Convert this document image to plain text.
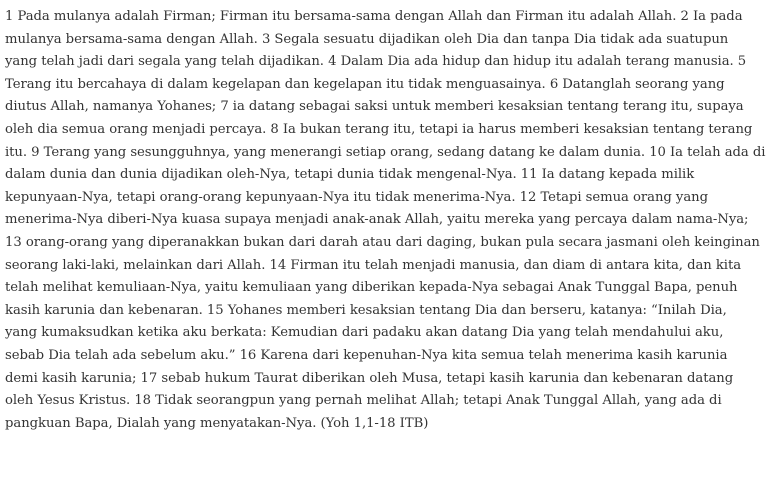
1 Pada mulanya adalah Firman; Firman itu bersama-sama dengan Allah dan Firman itu adalah Allah. 2 Ia pada
mulanya bersama-sama dengan Allah. 3 Segala sesuatu dijadikan oleh Dia dan tanpa Dia tidak ada suatupun
yang telah jadi dari segala yang telah dijadikan. 4 Dalam Dia ada hidup dan hidup itu adalah terang manusia. 5
Terang itu bercahaya di dalam kegelapan dan kegelapan itu tidak menguasainya. 6 Datanglah seorang yang
diutus Allah, namanya Yohanes; 7 ia datang sebagai saksi untuk memberi kesaksian tentang terang itu, supaya
oleh dia semua orang menjadi percaya. 8 Ia bukan terang itu, tetapi ia harus memberi kesaksian tentang terang
itu. 9 Terang yang sesungguhnya, yang menerangi setiap orang, sedang datang ke dalam dunia. 10 Ia telah ada di
dalam dunia dan dunia dijadikan oleh-Nya, tetapi dunia tidak mengenal-Nya. 11 Ia datang kepada milik
kepunyaan-Nya, tetapi orang-orang kepunyaan-Nya itu tidak menerima-Nya. 12 Tetapi semua orang yang
menerima-Nya diberi-Nya kuasa supaya menjadi anak-anak Allah, yaitu mereka yang percaya dalam nama-Nya;
13 orang-orang yang diperanakkan bukan dari darah atau dari daging, bukan pula secara jasmani oleh keinginan
seorang laki-laki, melainkan dari Allah. 14 Firman itu telah menjadi manusia, dan diam di antara kita, dan kita
telah melihat kemuliaan-Nya, yaitu kemuliaan yang diberikan kepada-Nya sebagai Anak Tunggal Bapa, penuh
kasih karunia dan kebenaran. 15 Yohanes memberi kesaksian tentang Dia dan berseru, katanya: “Inilah Dia,
yang kumaksudkan ketika aku berkata: Kemudian dari padaku akan datang Dia yang telah mendahului aku,
sebab Dia telah ada sebelum aku.” 16 Karena dari kepenuhan-Nya kita semua telah menerima kasih karunia
demi kasih karunia; 17 sebab hukum Taurat diberikan oleh Musa, tetapi kasih karunia dan kebenaran datang
oleh Yesus Kristus. 18 Tidak seorangpun yang pernah melihat Allah; tetapi Anak Tunggal Allah, yang ada di
pangkuan Bapa, Dialah yang menyatakan-Nya. (Yoh 1,1-18 ITB)
